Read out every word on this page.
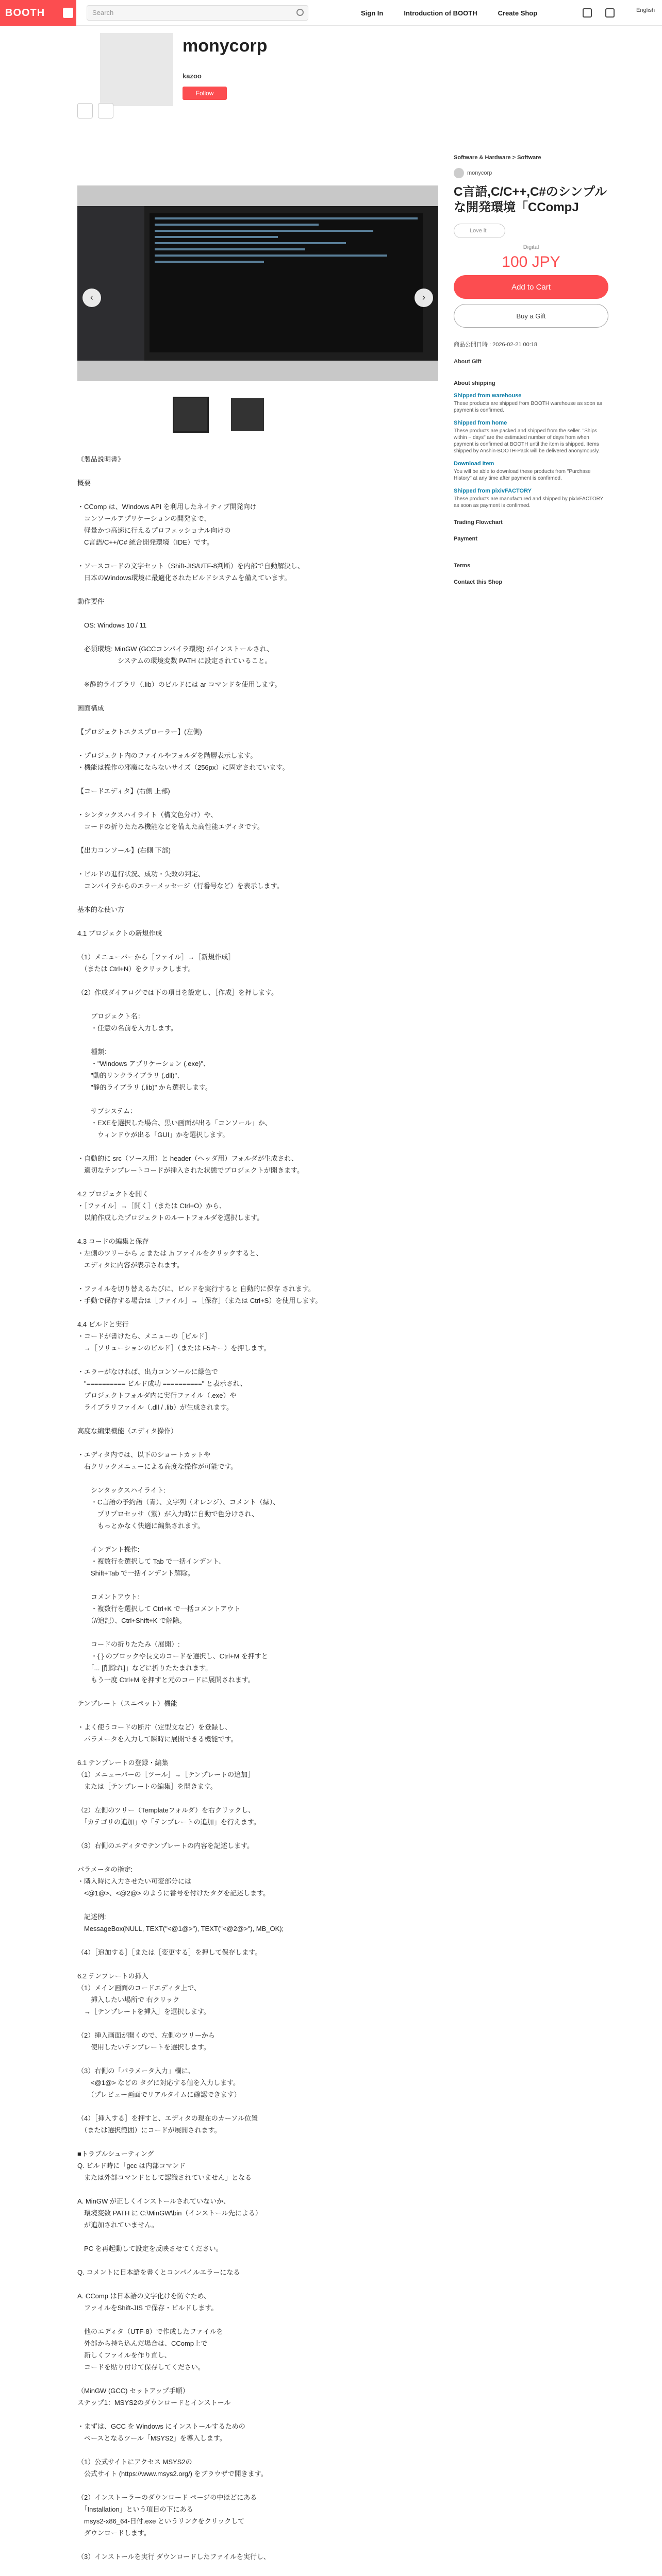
BOOTH	Search	Sign In	Introduction of BOOTH	Create Shop	English
monycorp
kazoo
Follow
‹	›
《製品説明書》

概要

・CComp は、Windows API を利用したネイティブ開発向け
　コンソールアプリケーションの開発まで、
　軽量かつ高速に行えるプロフェッショナル向けの
　C言語/C++/C# 統合開発環境（IDE）です。

・ソースコードの文字セット（Shift-JIS/UTF-8判断）を内部で自動解決し、
　日本のWindows環境に最適化されたビルドシステムを備えています。

動作要件

　OS: Windows 10 / 11

　必須環境: MinGW (GCCコンパイラ環境) がインストールされ、
　　　　　　システムの環境変数 PATH に設定されていること。

　※静的ライブラリ（.lib）のビルドには ar コマンドを使用します。

画面構成

【プロジェクトエクスプローラー】(左側)

・プロジェクト内のファイルやフォルダを階層表示します。
・機能は操作の邪魔にならないサイズ（256px）に固定されています。

【コードエディタ】(右側 上部)

・シンタックスハイライト（構文色分け）や、
　コードの折りたたみ機能などを備えた高性能エディタです。

【出力コンソール】(右側 下部)

・ビルドの進行状況、成功・失敗の判定、
　コンパイラからのエラーメッセージ（行番号など）を表示します。

基本的な使い方

4.1 プロジェクトの新規作成

（1）メニューバーから［ファイル］→［新規作成］
　（または Ctrl+N）をクリックします。

（2）作成ダイアログでは下の項目を設定し、［作成］を押します。

　　プロジェクト名：
　　・任意の名前を入力します。

　　種類：
　　・"Windows アプリケーション (.exe)"、
　　"動的リンクライブラリ (.dll)"、
　　"静的ライブラリ (.lib)" から選択します。

　　サブシステム：
　　・EXEを選択した場合、黒い画面が出る「コンソール」か、
　　　ウィンドウが出る「GUI」かを選択します。

・自動的に src（ソース用）と header（ヘッダ用）フォルダが生成され、
　適切なテンプレートコードが挿入された状態でプロジェクトが開きます。

4.2 プロジェクトを開く
・［ファイル］→［開く］（または Ctrl+O）から、
　以前作成したプロジェクトのルートフォルダを選択します。

4.3 コードの編集と保存
・左側のツリーから .c または .h ファイルをクリックすると、
　エディタに内容が表示されます。

・ファイルを切り替えるたびに、ビルドを実行すると 自動的に保存 されます。
・手動で保存する場合は［ファイル］→［保存］（または Ctrl+S）を使用します。

4.4 ビルドと実行
・コードが書けたら、メニューの［ビルド］
　→［ソリューションのビルド］（または F5キー）を押します。

・エラーがなければ、出力コンソールに緑色で
　"========== ビルド成功 ==========" と表示され、
　プロジェクトフォルダ内に実行ファイル（.exe）や
　ライブラリファイル（.dll / .lib）が生成されます。

高度な編集機能（エディタ操作）

・エディタ内では、以下のショートカットや
　右クリックメニューによる高度な操作が可能です。

　　シンタックスハイライト:
　　・C言語の予約語（青）、文字列（オレンジ）、コメント（緑）、
　　　プリプロセッサ（紫）が入力時に自動で色分けされ、
　　　もっとかなく快適に編集されます。

　　インデント操作:
　　・複数行を選択して Tab で一括インデント、
　　Shift+Tab で一括インデント解除。

　　コメントアウト:
　　・複数行を選択して Ctrl+K で一括コメントアウト
　　（//追記）、Ctrl+Shift+K で解除。

　　コードの折りたたみ（展開）:
　　・{ } のブロックや長文のコードを選択し、Ctrl+M を押すと
　　「... [削除れ]」などに折りたたまれます。
　　もう一度 Ctrl+M を押すと元のコードに展開されます。

テンプレート（スニペット）機能

・よく使うコードの断片（定型文など）を登録し、
　パラメータを入力して瞬時に展開できる機能です。

6.1 テンプレートの登録・編集
（1）メニューバーの［ツール］→［テンプレートの追加］
　または［テンプレートの編集］を開きます。

（2）左側のツリー（Templateフォルダ）を右クリックし、
　「カテゴリの追加」や「テンプレートの追加」を行えます。

（3）右側のエディタでテンプレートの内容を記述します。

パラメータの指定:
・隣入時に入力させたい可変部分には
　<@1@>、<@2@> のように番号を付けたタグを記述します。

　記述例:
　MessageBox(NULL, TEXT("<@1@>"), TEXT("<@2@>"), MB_OK);

（4）［追加する］［または［変更する］を押して保存します。

6.2 テンプレートの挿入
（1）メイン画面のコードエディタ上で、
　　挿入したい場所で 右クリック
　→［テンプレートを挿入］を選択します。

（2）挿入画面が開くので、左側のツリーから
　　使用したいテンプレートを選択します。

（3）右側の「パラメータ入力」欄に、
　　<@1@> などの タグに対応する値を入力します。
　　（プレビュー画面でリアルタイムに確認できます）

（4）［挿入する］を押すと、エディタの現在のカーソル位置
　（または選択範囲）にコードが展開されます。

■トラブルシューティング
Q. ビルド時に「gcc は内部コマンド
　または外部コマンドとして認識されていません」となる

A. MinGW が正しくインストールされていないか、
　環境変数 PATH に C:\MinGW\bin（インストール先による）
　が追加されていません。

　PC を再起動して設定を反映させてください。

Q. コメントに日本語を書くとコンパイルエラーになる

A. CComp は日本語の文字化けを防ぐため、
　ファイルをShift-JIS で保存・ビルドします。

　他のエディタ（UTF-8）で作成したファイルを
　外部から持ち込んだ場合は、CComp上で
　新しくファイルを作り直し、
　コードを貼り付けて保存してください。

（MinGW (GCC) セットアップ手順）
ステップ1：MSYS2のダウンロードとインストール

・まずは、GCC を Windows にインストールするための
　ベースとなるツール「MSYS2」を導入します。

（1）公式サイトにアクセス MSYS2の
　公式サイト (https://www.msys2.org/) をブラウザで開きます。

（2）インストーラーのダウンロード ページの中ほどにある
　「Installation」という項目の下にある
　msys2-x86_64-日付.exe というリンクをクリックして
　ダウンロードします。

（3）インストールを実行 ダウンロードしたファイルを実行し、
Software & Hardware > Software
monycorp
C言語,C/C++,C#のシンプルな開発環境「CCompJ
Love it
Digital
100 JPY
Add to Cart Buy a Gift
商品公開日時 : 2026-02-21 00:18
About Gift
About shipping
Shipped from warehouse
These products are shipped from BOOTH warehouse as soon as payment is confirmed.
Shipped from home
These products are packed and shipped from the seller. "Ships within ~ days" are the estimated number of days from when payment is confirmed at BOOTH until the item is shipped. Items shipped by Anshin-BOOTH-Pack will be delivered anonymously.
Download Item
You will be able to download these products from "Purchase History" at any time after payment is confirmed.
Shipped from pixivFACTORY
These products are manufactured and shipped by pixivFACTORY as soon as payment is confirmed.
Trading Flowchart
Payment
Terms
Contact this Shop
